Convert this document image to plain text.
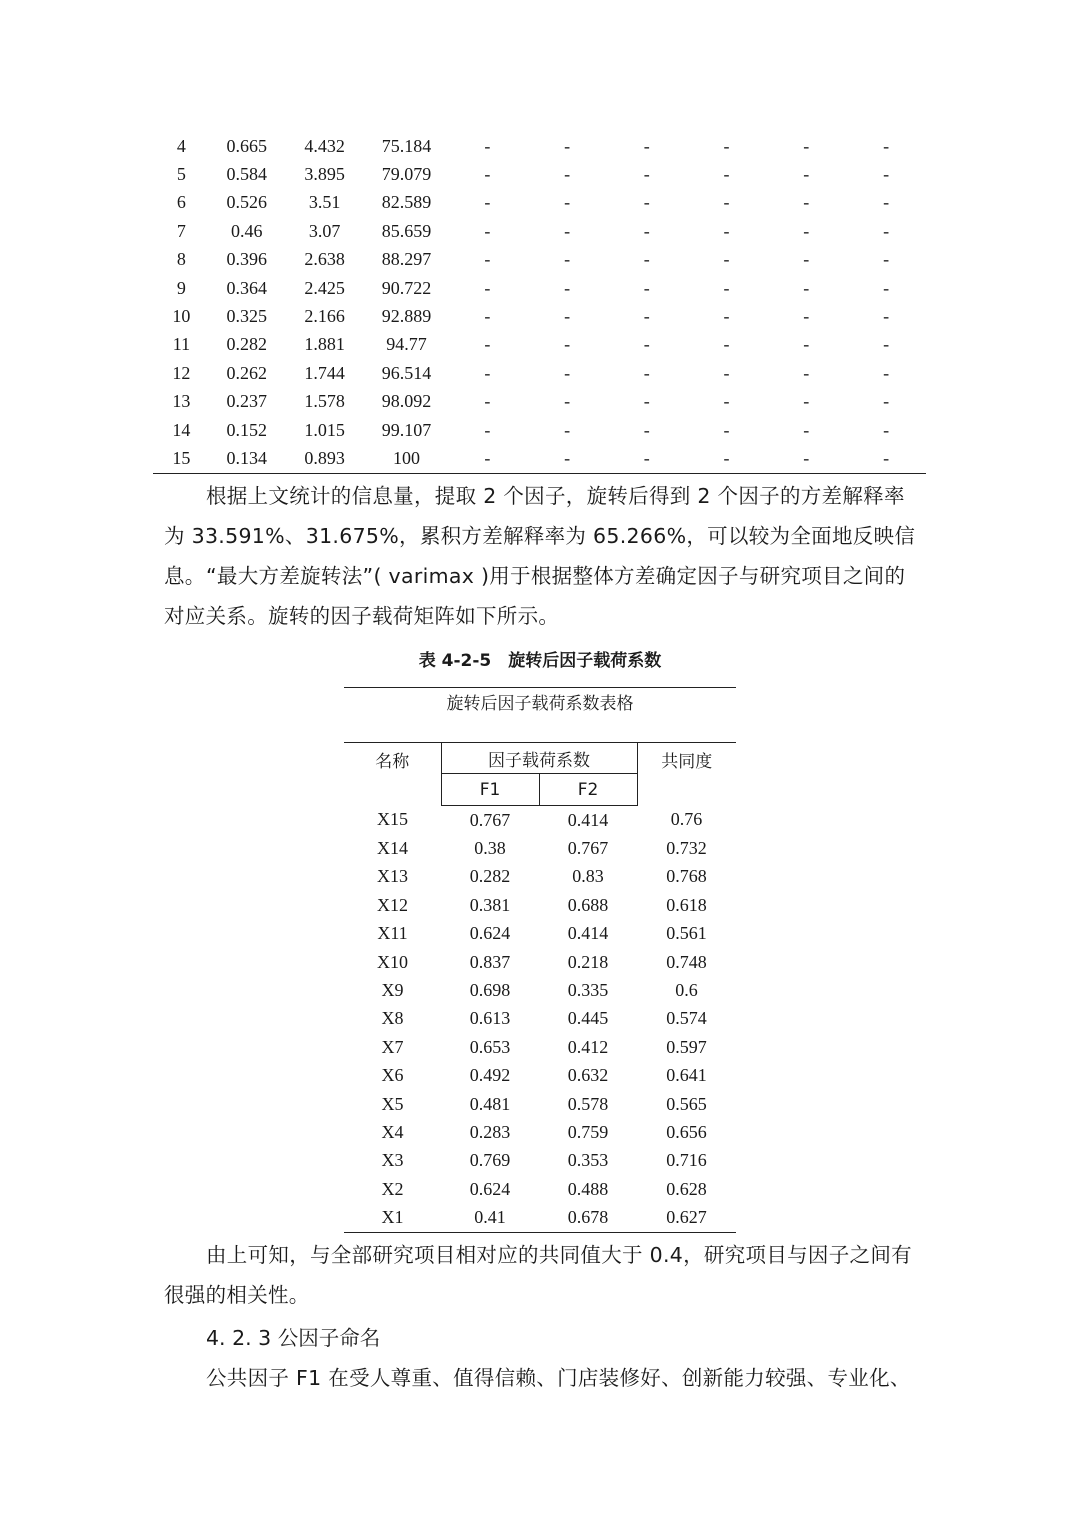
4	0.665	4.432	75.184	-	-	-	-	-	-
5	0.584	3.895	79.079	-	-	-	-	-	-
6	0.526	3.51	82.589	-	-	-	-	-	-
7	0.46	3.07	85.659	-	-	-	-	-	-
8	0.396	2.638	88.297	-	-	-	-	-	-
9	0.364	2.425	90.722	-	-	-	-	-	-
10	0.325	2.166	92.889	-	-	-	-	-	-
11	0.282	1.881	94.77	-	-	-	-	-	-
12	0.262	1.744	96.514	-	-	-	-	-	-
13	0.237	1.578	98.092	-	-	-	-	-	-
14	0.152	1.015	99.107	-	-	-	-	-	-
15	0.134	0.893	100	-	-	-	-	-	-

根据上文统计的信息量，提取 2 个因子，旋转后得到 2 个因子的方差解释率为 33.591%、31.675%，累积方差解释率为 65.266%，可以较为全面地反映信息。 “最大方差旋转法”( varimax )用于根据整体方差确定因子与研究项目之间的对应关系。旋转的因子载荷矩阵如下所示。

表 4-2-5　旋转后因子载荷系数
旋转后因子载荷系数表格
名称	因子载荷系数		共同度
	F1	F2	
X15	0.767	0.414	0.76
X14	0.38	0.767	0.732
X13	0.282	0.83	0.768
X12	0.381	0.688	0.618
X11	0.624	0.414	0.561
X10	0.837	0.218	0.748
X9	0.698	0.335	0.6
X8	0.613	0.445	0.574
X7	0.653	0.412	0.597
X6	0.492	0.632	0.641
X5	0.481	0.578	0.565
X4	0.283	0.759	0.656
X3	0.769	0.353	0.716
X2	0.624	0.488	0.628
X1	0.41	0.678	0.627

由上可知，与全部研究项目相对应的共同值大于 0.4，研究项目与因子之间有很强的相关性。

4. 2. 3 公因子命名

公共因子 F1 在受人尊重、值得信赖、门店装修好、创新能力较强、专业化、
